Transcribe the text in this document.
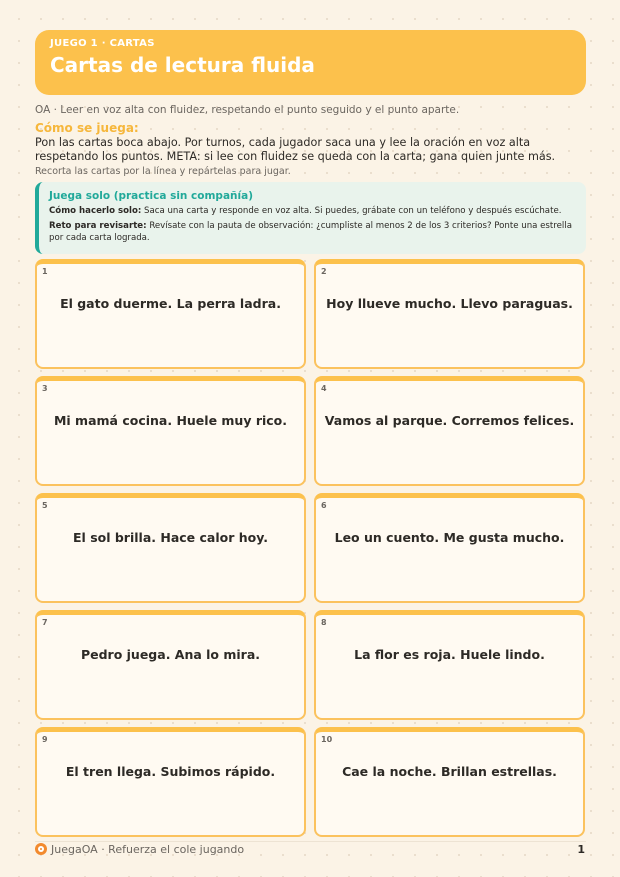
JUEGO 1 · CARTAS
Cartas de lectura fluida
OA · Leer en voz alta con fluidez, respetando el punto seguido y el punto aparte.
Cómo se juega:
Pon las cartas boca abajo. Por turnos, cada jugador saca una y lee la oración en voz alta respetando los puntos. META: si lee con fluidez se queda con la carta; gana quien junte más.
Recorta las cartas por la línea y repártelas para jugar.
Juega solo (practica sin compañía)
Cómo hacerlo solo: Saca una carta y responde en voz alta. Si puedes, grábate con un teléfono y después escúchate.
Reto para revisarte: Revísate con la pauta de observación: ¿cumpliste al menos 2 de los 3 criterios? Ponte una estrella por cada carta lograda.
1
El gato duerme. La perra ladra.
2
Hoy llueve mucho. Llevo paraguas.
3
Mi mamá cocina. Huele muy rico.
4
Vamos al parque. Corremos felices.
5
El sol brilla. Hace calor hoy.
6
Leo un cuento. Me gusta mucho.
7
Pedro juega. Ana lo mira.
8
La flor es roja. Huele lindo.
9
El tren llega. Subimos rápido.
10
Cae la noche. Brillan estrellas.
JuegaOA · Refuerza el cole jugando	1
